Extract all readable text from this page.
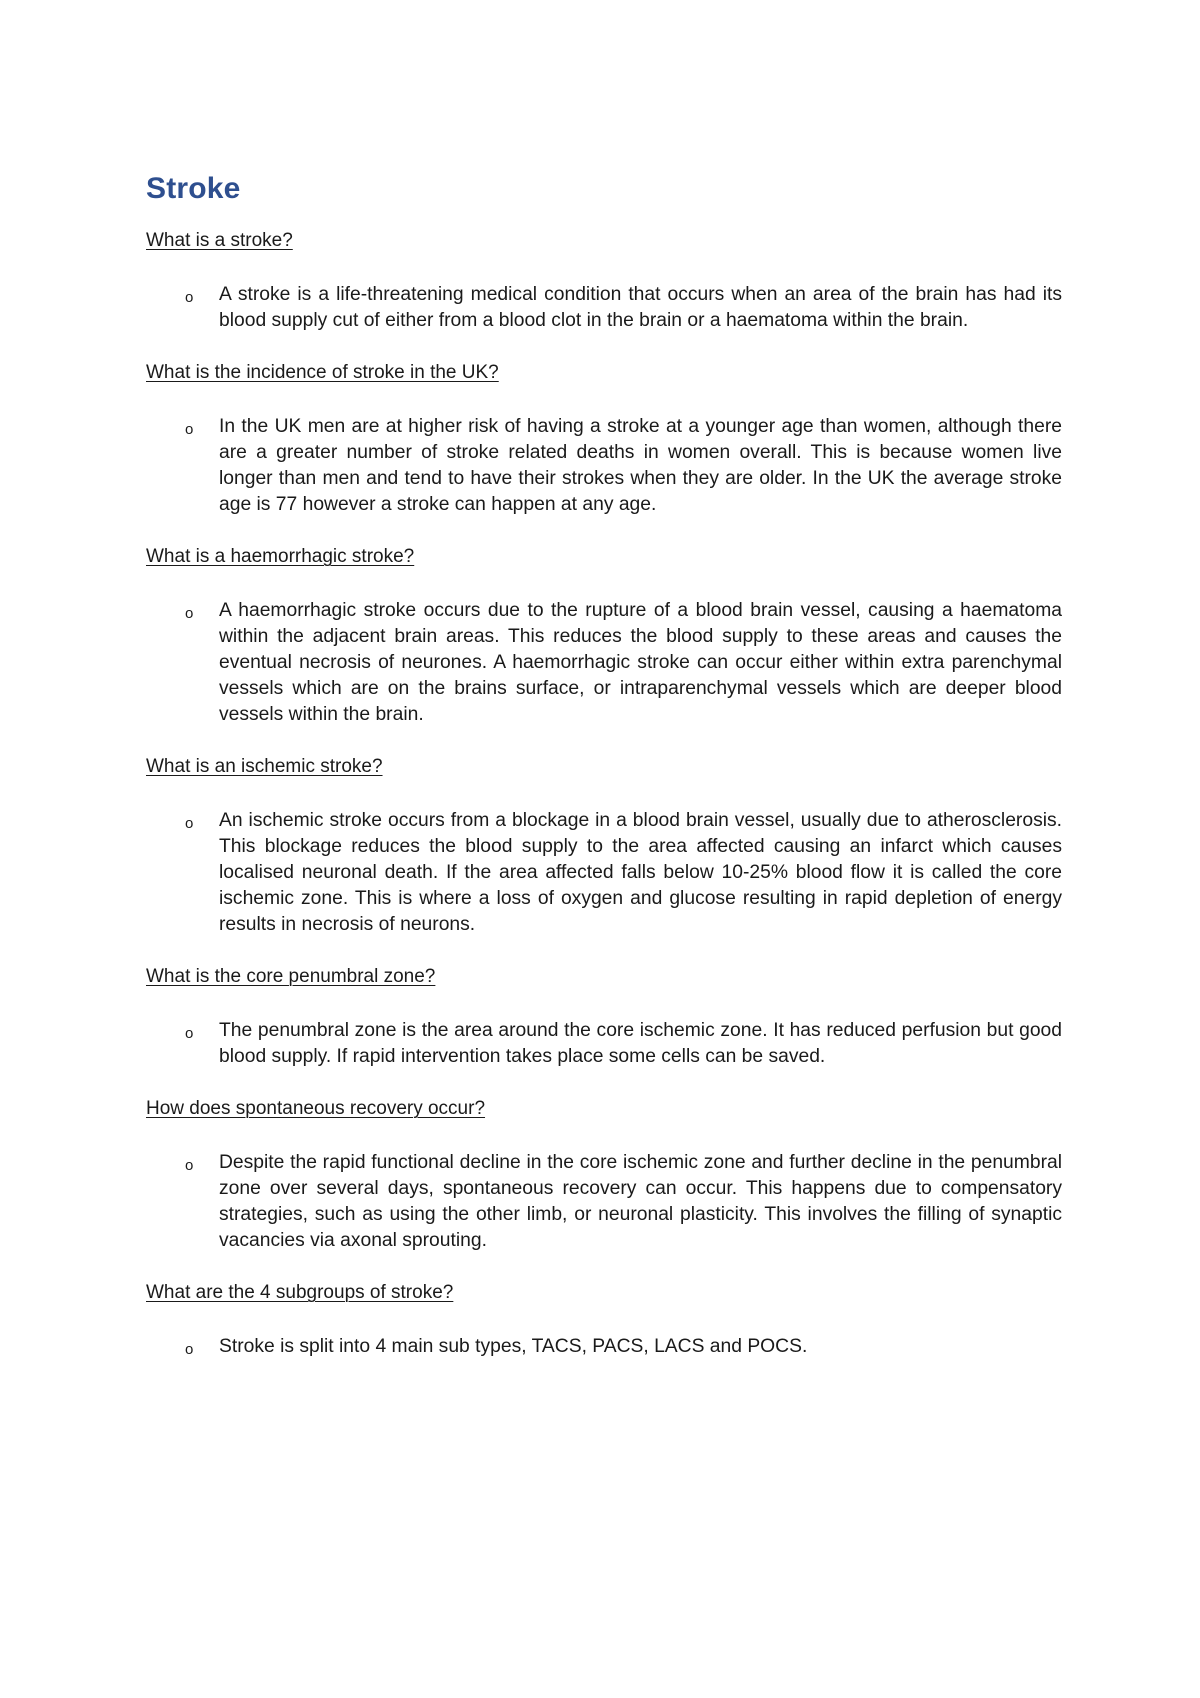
Stroke

What is a stroke?

o A stroke is a life-threatening medical condition that occurs when an area of the brain has had its blood supply cut of either from a blood clot in the brain or a haematoma within the brain.

What is the incidence of stroke in the UK?

o In the UK men are at higher risk of having a stroke at a younger age than women, although there are a greater number of stroke related deaths in women overall. This is because women live longer than men and tend to have their strokes when they are older. In the UK the average stroke age is 77 however a stroke can happen at any age.

What is a haemorrhagic stroke?

o A haemorrhagic stroke occurs due to the rupture of a blood brain vessel, causing a haematoma within the adjacent brain areas. This reduces the blood supply to these areas and causes the eventual necrosis of neurones. A haemorrhagic stroke can occur either within extra parenchymal vessels which are on the brains surface, or intraparenchymal vessels which are deeper blood vessels within the brain.

What is an ischemic stroke?

o An ischemic stroke occurs from a blockage in a blood brain vessel, usually due to atherosclerosis. This blockage reduces the blood supply to the area affected causing an infarct which causes localised neuronal death. If the area affected falls below 10-25% blood flow it is called the core ischemic zone. This is where a loss of oxygen and glucose resulting in rapid depletion of energy results in necrosis of neurons.

What is the core penumbral zone?

o The penumbral zone is the area around the core ischemic zone. It has reduced perfusion but good blood supply. If rapid intervention takes place some cells can be saved.

How does spontaneous recovery occur?

o Despite the rapid functional decline in the core ischemic zone and further decline in the penumbral zone over several days, spontaneous recovery can occur. This happens due to compensatory strategies, such as using the other limb, or neuronal plasticity. This involves the filling of synaptic vacancies via axonal sprouting.

What are the 4 subgroups of stroke?

o Stroke is split into 4 main sub types, TACS, PACS, LACS and POCS.
